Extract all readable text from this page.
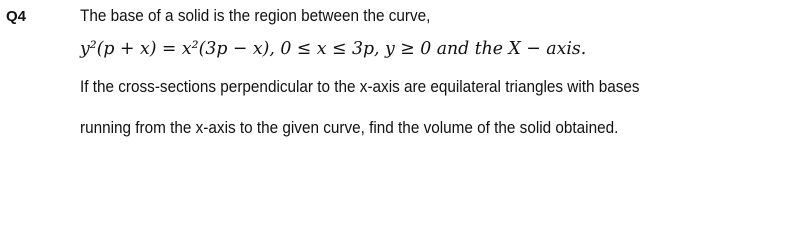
Q4	The base of a solid is the region between the curve,
y²(p + x) = x²(3p − x), 0 ≤ x ≤ 3p, y ≥ 0 and the X − axis.
If the cross-sections perpendicular to the x-axis are equilateral triangles with bases
running from the x-axis to the given curve, find the volume of the solid obtained.
